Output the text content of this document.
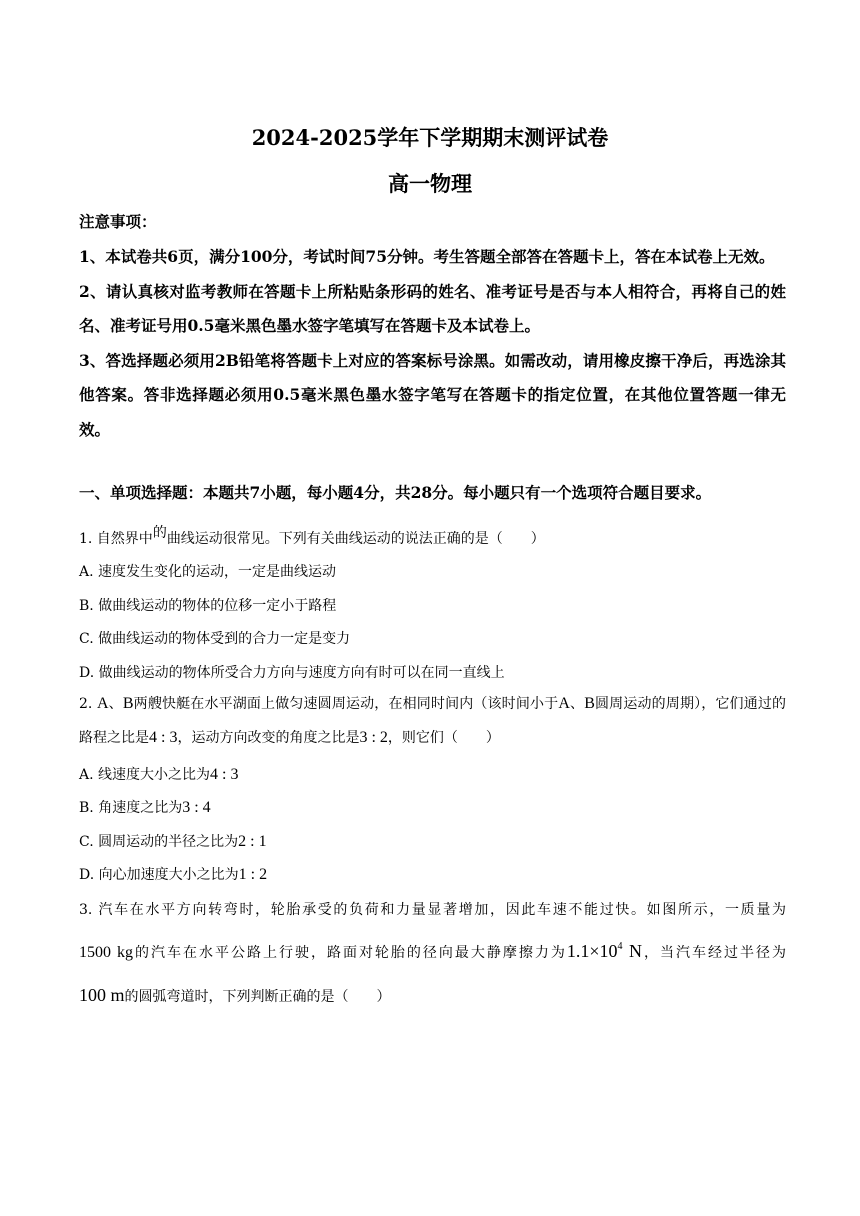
2024-2025学年下学期期末测评试卷
高一物理
注意事项：

1、本试卷共6页，满分100分，考试时间75分钟。考生答题全部答在答题卡上，答在本试卷上无效。

2、请认真核对监考教师在答题卡上所粘贴条形码的姓名、准考证号是否与本人相符合，再将自己的姓名、准考证号用0.5毫米黑色墨水签字笔填写在答题卡及本试卷上。

3、答选择题必须用2B铅笔将答题卡上对应的答案标号涂黑。如需改动，请用橡皮擦干净后，再选涂其他答案。答非选择题必须用0.5毫米黑色墨水签字笔写在答题卡的指定位置，在其他位置答题一律无效。

一、单项选择题：本题共7小题，每小题4分，共28分。每小题只有一个选项符合题目要求。

1. 自然界中的曲线运动很常见。下列有关曲线运动的说法正确的是（　　）

A. 速度发生变化的运动，一定是曲线运动
B. 做曲线运动的物体的位移一定小于路程
C. 做曲线运动的物体受到的合力一定是变力
D. 做曲线运动的物体所受合力方向与速度方向有时可以在同一直线上

2. A、B两艘快艇在水平湖面上做匀速圆周运动，在相同时间内（该时间小于A、B圆周运动的周期），它们通过的路程之比是4 : 3，运动方向改变的角度之比是3 : 2，则它们（　　）

A. 线速度大小之比为4 : 3
B. 角速度之比为3 : 4
C. 圆周运动的半径之比为2 : 1
D. 向心加速度大小之比为1 : 2
3. 汽车在水平方向转弯时，轮胎承受的负荷和力量显著增加，因此车速不能过快。如图所示，一质量为
1500 kg的汽车在水平公路上行驶，路面对轮胎的径向最大静摩擦力为$1.1\times 10^4$ N，当汽车经过半径为
100 m的圆弧弯道时，下列判断正确的是（　　）
